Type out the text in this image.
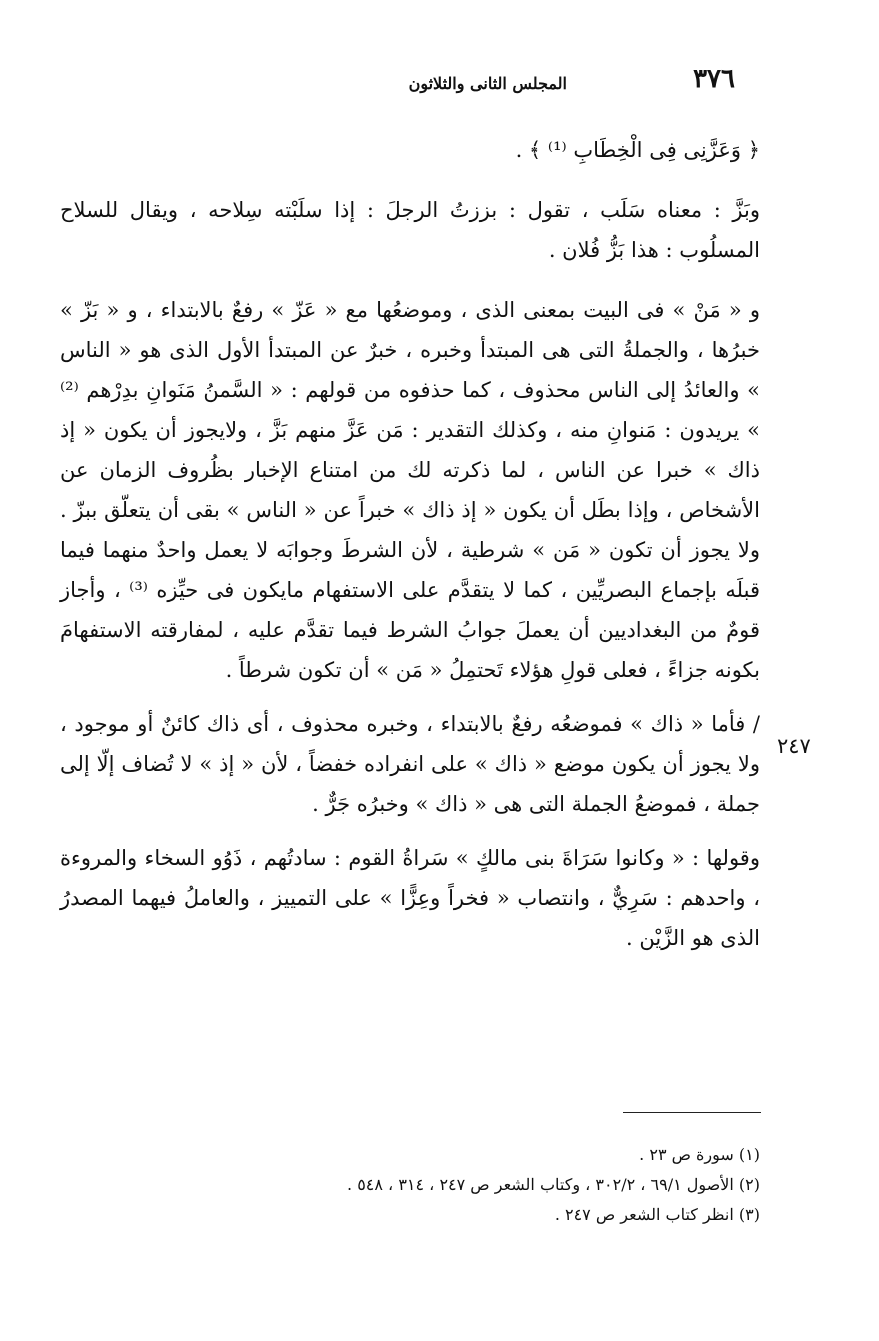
٣٧٦
المجلس الثانى والثلاثون

﴿ وَعَزَّنِى فِى الْخِطَابِ ⁽¹⁾ ﴾ .

وبَزَّ : معناه سَلَب ، تقول : بززتُ الرجلَ : إذا سلَبْته سِلاحه ، ويقال للسلاح المسلُوب : هذا بَزُّ فُلان .

و « مَنْ » فى البيت بمعنى الذى ، وموضعُها مع « عَزّ » رفعٌ بالابتداء ، و « بَزّ » خبرُها ، والجملةُ التى هى المبتدأ وخبره ، خبرٌ عن المبتدأ الأول الذى هو « الناس » والعائدُ إلى الناس محذوف ، كما حذفوه من قولهم : « السَّمنُ مَنَوانِ بدِرْهم ⁽²⁾ » يريدون : مَنوانِ منه ، وكذلك التقدير : مَن عَزَّ منهم بَزَّ ، ولايجوز أن يكون « إذ ذاك » خبرا عن الناس ، لما ذكرته لك من امتناع الإخبار بظُروف الزمان عن الأشخاص ، وإذا بطَل أن يكون « إذ ذاك » خبراً عن « الناس » بقى أن يتعلّق ببزّ . ولا يجوز أن تكون « مَن » شرطية ، لأن الشرطَ وجوابَه لا يعمل واحدٌ منهما فيما قبلَه بإجماع البصريِّين ، كما لا يتقدَّم على الاستفهام مايكون فى حيِّزه ⁽³⁾ ، وأجاز قومٌ من البغداديين أن يعملَ جوابُ الشرط فيما تقدَّم عليه ، لمفارقته الاستفهامَ بكونه جزاءً ، فعلى قولِ هؤلاء تَحتمِلُ « مَن » أن تكون شرطاً .

/ فأما « ذاك » فموضعُه رفعٌ بالابتداء ، وخبره محذوف ، أى ذاك كائنٌ أو موجود ، ولا يجوز أن يكون موضع « ذاك » على انفراده خفضاً ، لأن « إذ » لا تُضاف إلّا إلى جملة ، فموضعُ الجملة التى هى « ذاك » وخبرُه جَرٌّ .

وقولها : « وكانوا سَرَاةَ بنى مالكٍ » سَراةُ القوم : سادتُهم ، ذَوُو السخاء والمروءة ، واحدهم : سَرِيٌّ ، وانتصاب « فخراً وعِزًّا » على التمييز ، والعاملُ فيهما المصدرُ الذى هو الزَّيْن .

٢٤٧

(١) سورة ص ٢٣ .

(٢) الأصول ٦٩/١ ، ٣٠٢/٢ ، وكتاب الشعر ص ٢٤٧ ، ٣١٤ ، ٥٤٨ .

(٣) انظر كتاب الشعر ص ٢٤٧ .
